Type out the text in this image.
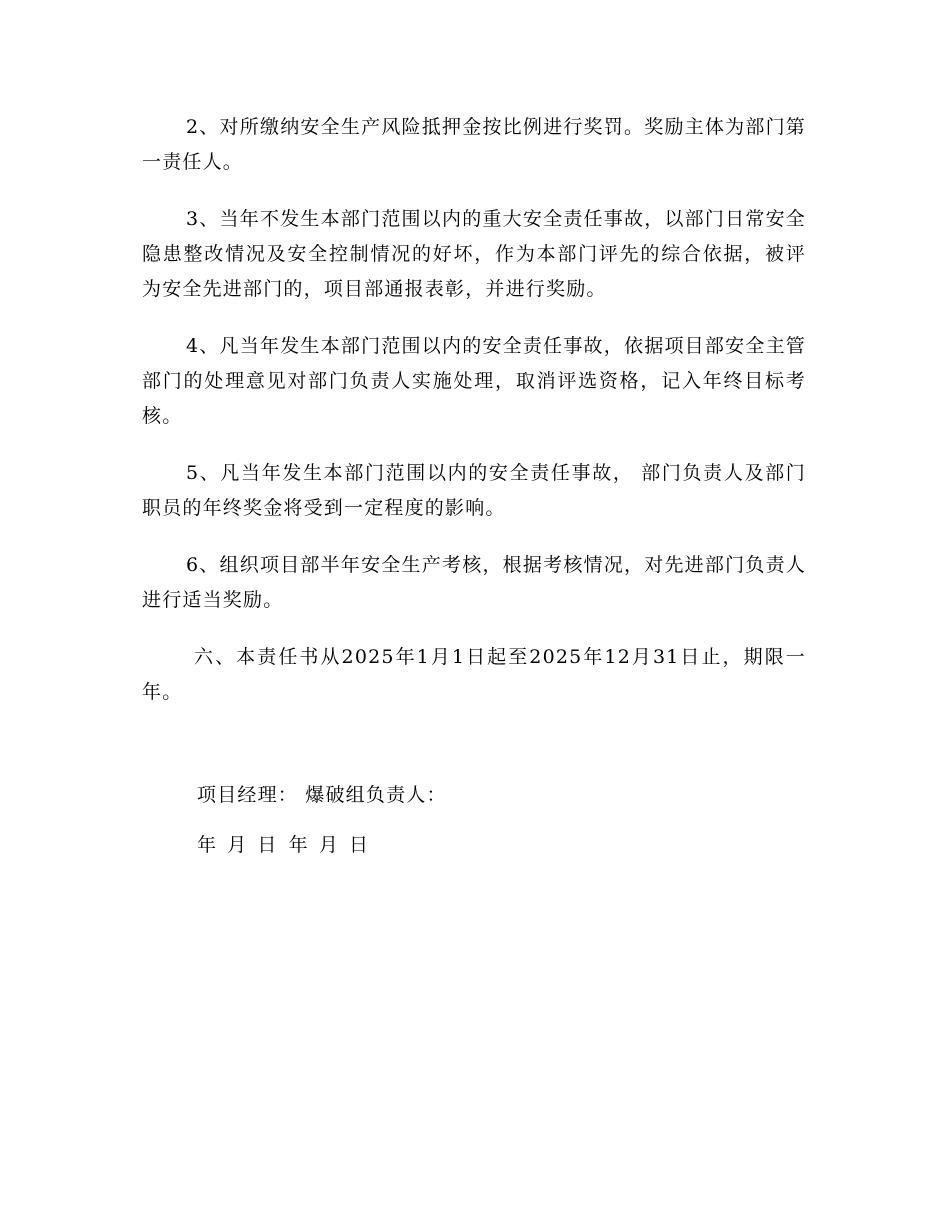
2、对所缴纳安全生产风险抵押金按比例进行奖罚。奖励主体为部门第一责任人。

3、当年不发生本部门范围以内的重大安全责任事故，以部门日常安全隐患整改情况及安全控制情况的好坏，作为本部门评先的综合依据，被评为安全先进部门的，项目部通报表彰，并进行奖励。

4、凡当年发生本部门范围以内的安全责任事故，依据项目部安全主管部门的处理意见对部门负责人实施处理，取消评选资格，记入年终目标考核。

5、凡当年发生本部门范围以内的安全责任事故， 部门负责人及部门职员的年终奖金将受到一定程度的影响。

6、组织项目部半年安全生产考核，根据考核情况，对先进部门负责人进行适当奖励。

六、本责任书从2025年1月1日起至2025年12月31日止，期限一年。

项目经理： 爆破组负责人：
年 月 日 年 月 日
